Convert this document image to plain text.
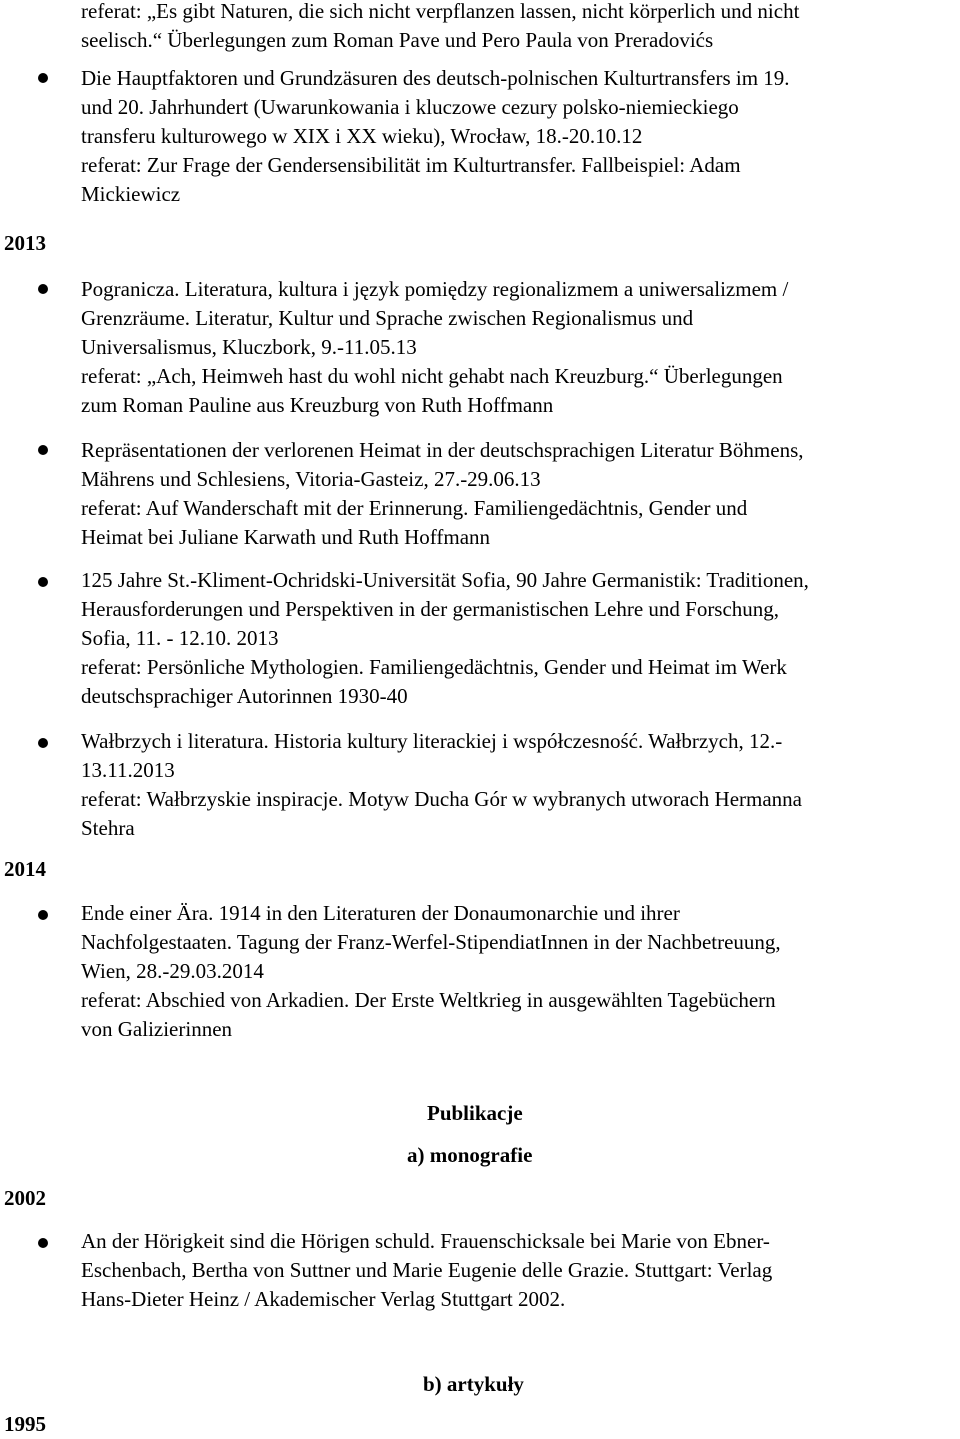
referat: „Es gibt Naturen, die sich nicht verpflanzen lassen, nicht körperlich und nicht
seelisch.“ Überlegungen zum Roman Pave und Pero Paula von Preradovićs
Die Hauptfaktoren und Grundzäsuren des deutsch-polnischen Kulturtransfers im 19.
und 20. Jahrhundert (Uwarunkowania i kluczowe cezury polsko-niemieckiego
transferu kulturowego w XIX i XX wieku), Wrocław, 18.-20.10.12
referat: Zur Frage der Gendersensibilität im Kulturtransfer. Fallbeispiel: Adam
Mickiewicz
2013
Pogranicza. Literatura, kultura i język pomiędzy regionalizmem a uniwersalizmem /
Grenzräume. Literatur, Kultur und Sprache zwischen Regionalismus und
Universalismus, Kluczbork, 9.-11.05.13
referat: „Ach, Heimweh hast du wohl nicht gehabt nach Kreuzburg.“ Überlegungen
zum Roman Pauline aus Kreuzburg von Ruth Hoffmann
Repräsentationen der verlorenen Heimat in der deutschsprachigen Literatur Böhmens,
Mährens und Schlesiens, Vitoria-Gasteiz, 27.-29.06.13
referat: Auf Wanderschaft mit der Erinnerung. Familiengedächtnis, Gender und
Heimat bei Juliane Karwath und Ruth Hoffmann
125 Jahre St.-Kliment-Ochridski-Universität Sofia, 90 Jahre Germanistik: Traditionen,
Herausforderungen und Perspektiven in der germanistischen Lehre und Forschung,
Sofia, 11. - 12.10. 2013
referat: Persönliche Mythologien. Familiengedächtnis, Gender und Heimat im Werk
deutschsprachiger Autorinnen 1930-40
Wałbrzych i literatura. Historia kultury literackiej i współczesność. Wałbrzych, 12.-
13.11.2013
referat: Wałbrzyskie inspiracje. Motyw Ducha Gór w wybranych utworach Hermanna
Stehra
2014
Ende einer Ära. 1914 in den Literaturen der Donaumonarchie und ihrer
Nachfolgestaaten. Tagung der Franz-Werfel-StipendiatInnen in der Nachbetreuung,
Wien, 28.-29.03.2014
referat: Abschied von Arkadien. Der Erste Weltkrieg in ausgewählten Tagebüchern
von Galizierinnen
Publikacje
a) monografie
2002
An der Hörigkeit sind die Hörigen schuld. Frauenschicksale bei Marie von Ebner-
Eschenbach, Bertha von Suttner und Marie Eugenie delle Grazie. Stuttgart: Verlag
Hans-Dieter Heinz / Akademischer Verlag Stuttgart 2002.
b) artykuły
1995
